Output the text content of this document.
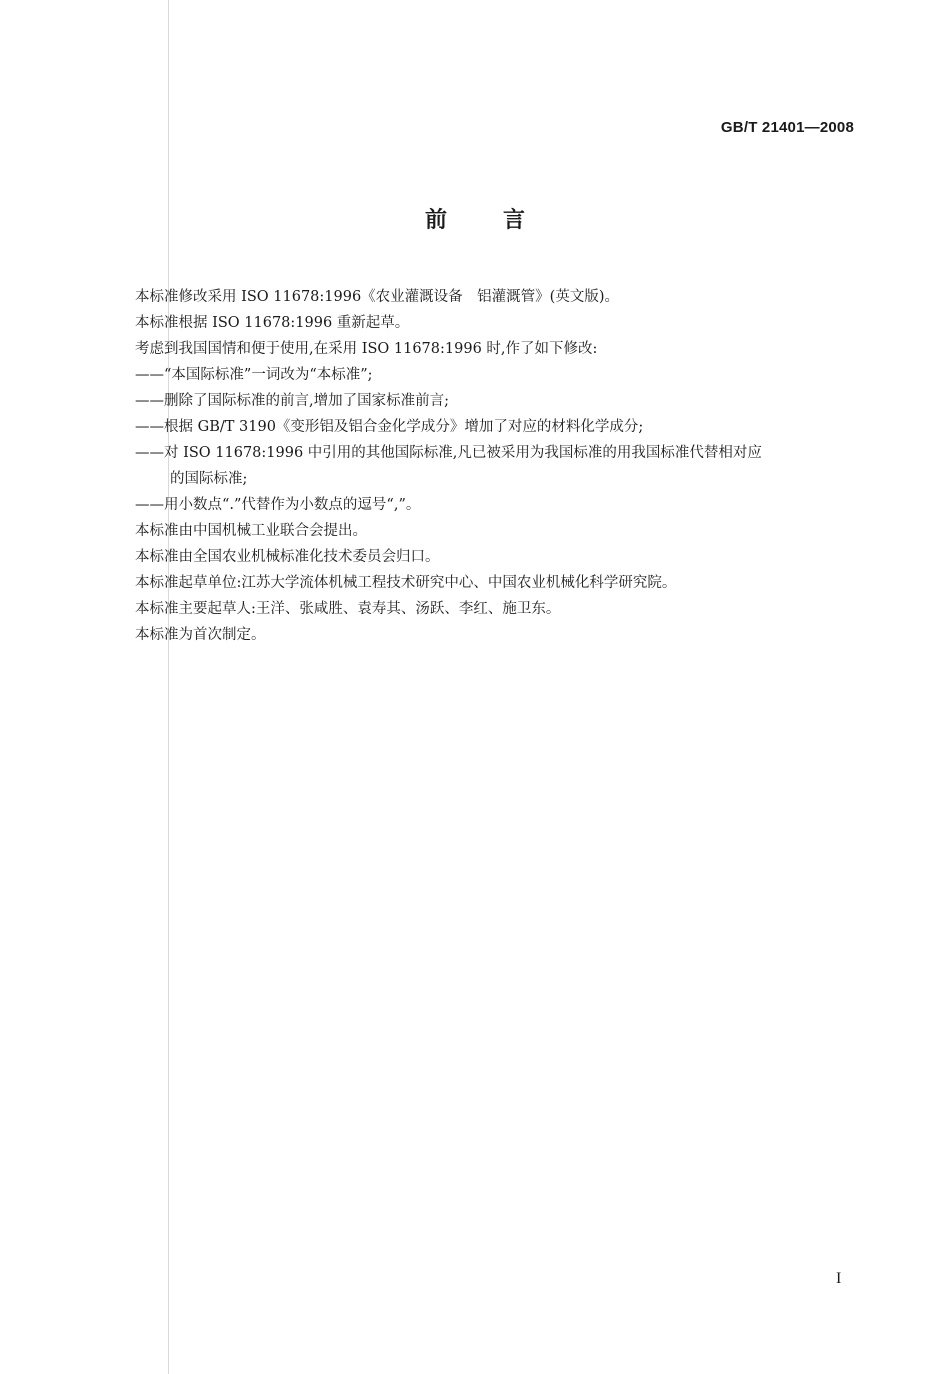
GB/T 21401—2008
前言
本标准修改采用 ISO 11678:1996《农业灌溉设备　铝灌溉管》(英文版)。
本标准根据 ISO 11678:1996 重新起草。
考虑到我国国情和便于使用,在采用 ISO 11678:1996 时,作了如下修改:
——“本国际标准”一词改为“本标准”;
——删除了国际标准的前言,增加了国家标准前言;
——根据 GB/T 3190《变形铝及铝合金化学成分》增加了对应的材料化学成分;
——对 ISO 11678:1996 中引用的其他国际标准,凡已被采用为我国标准的用我国标准代替相对应
的国际标准;
——用小数点“.”代替作为小数点的逗号“,”。
本标准由中国机械工业联合会提出。
本标准由全国农业机械标准化技术委员会归口。
本标准起草单位:江苏大学流体机械工程技术研究中心、中国农业机械化科学研究院。
本标准主要起草人:王洋、张咸胜、袁寿其、汤跃、李红、施卫东。
本标准为首次制定。
I
